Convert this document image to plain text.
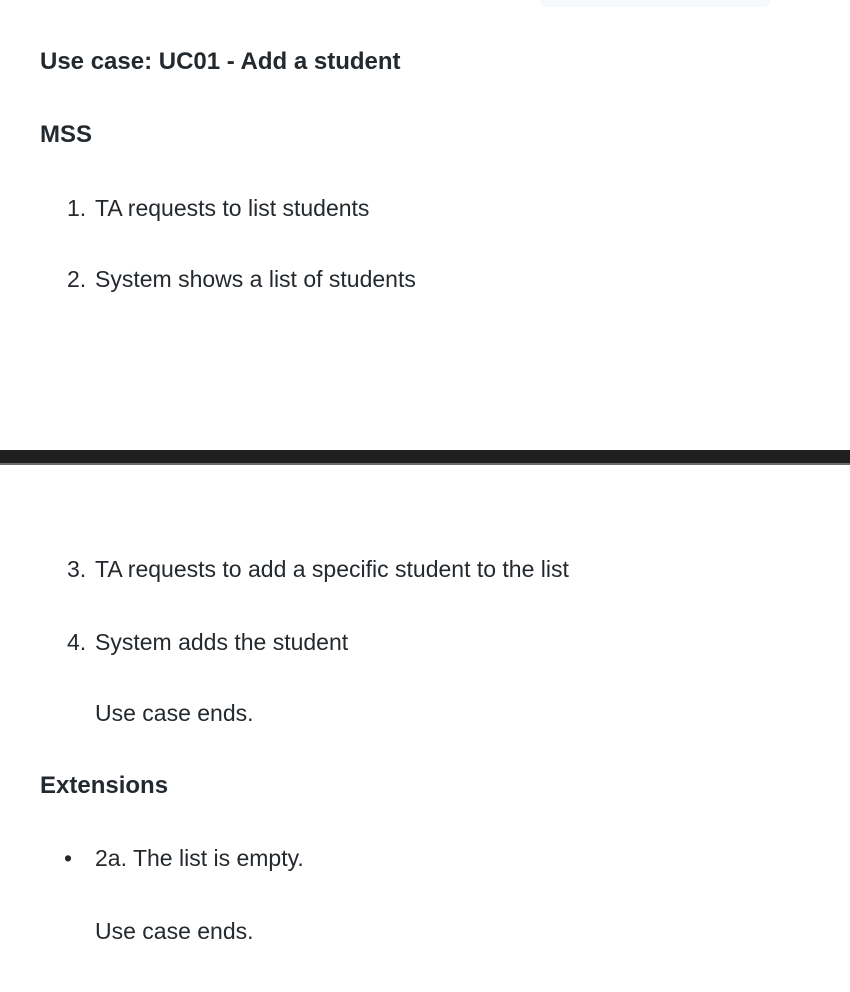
Use case: UC01 - Add a student
MSS
1. TA requests to list students
2. System shows a list of students
3. TA requests to add a specific student to the list
4. System adds the student
Use case ends.
Extensions
• 2a. The list is empty.
Use case ends.
